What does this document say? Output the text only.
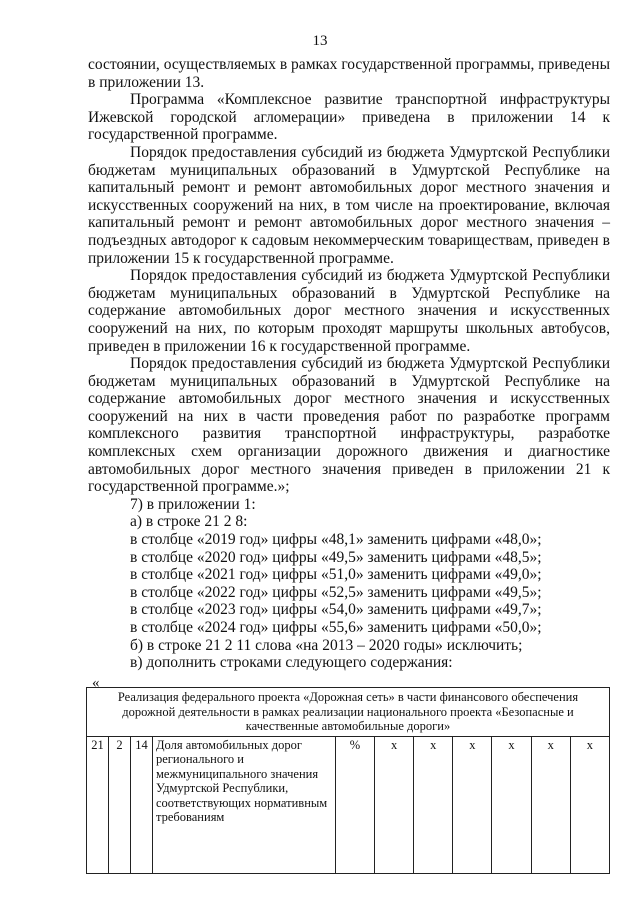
13

состоянии, осуществляемых в рамках государственной программы, приведены в приложении 13.

Программа «Комплексное развитие транспортной инфраструктуры Ижевской городской агломерации» приведена в приложении 14 к государственной программе.

Порядок предоставления субсидий из бюджета Удмуртской Республики бюджетам муниципальных образований в Удмуртской Республике на капитальный ремонт и ремонт автомобильных дорог местного значения и искусственных сооружений на них, в том числе на проектирование, включая капитальный ремонт и ремонт автомобильных дорог местного значения – подъездных автодорог к садовым некоммерческим товариществам, приведен в приложении 15 к государственной программе.

Порядок предоставления субсидий из бюджета Удмуртской Республики бюджетам муниципальных образований в Удмуртской Республике на содержание автомобильных дорог местного значения и искусственных сооружений на них, по которым проходят маршруты школьных автобусов, приведен в приложении 16 к государственной программе.

Порядок предоставления субсидий из бюджета Удмуртской Республики бюджетам муниципальных образований в Удмуртской Республике на содержание автомобильных дорог местного значения и искусственных сооружений на них в части проведения работ по разработке программ комплексного развития транспортной инфраструктуры, разработке комплексных схем организации дорожного движения и диагностике автомобильных дорог местного значения приведен в приложении 21 к государственной программе.»;

7) в приложении 1:

а) в строке 21 2 8:

в столбце «2019 год» цифры «48,1» заменить цифрами «48,0»;

в столбце «2020 год» цифры «49,5» заменить цифрами «48,5»;

в столбце «2021 год» цифры «51,0» заменить цифрами «49,0»;

в столбце «2022 год» цифры «52,5» заменить цифрами «49,5»;

в столбце «2023 год» цифры «54,0» заменить цифрами «49,7»;

в столбце «2024 год» цифры «55,6» заменить цифрами «50,0»;

б) в строке 21 2 11 слова «на 2013 – 2020 годы» исключить;

в) дополнить строками следующего содержания:

«
Реализация федерального проекта «Дорожная сеть» в части финансового обеспечения дорожной деятельности в рамках реализации национального проекта «Безопасные и качественные автомобильные дороги»
21	2	14	Доля автомобильных дорог регионального и межмуниципального значения Удмуртской Республики, соответствующих нормативным требованиям	%	х	х	х	х	х	х
